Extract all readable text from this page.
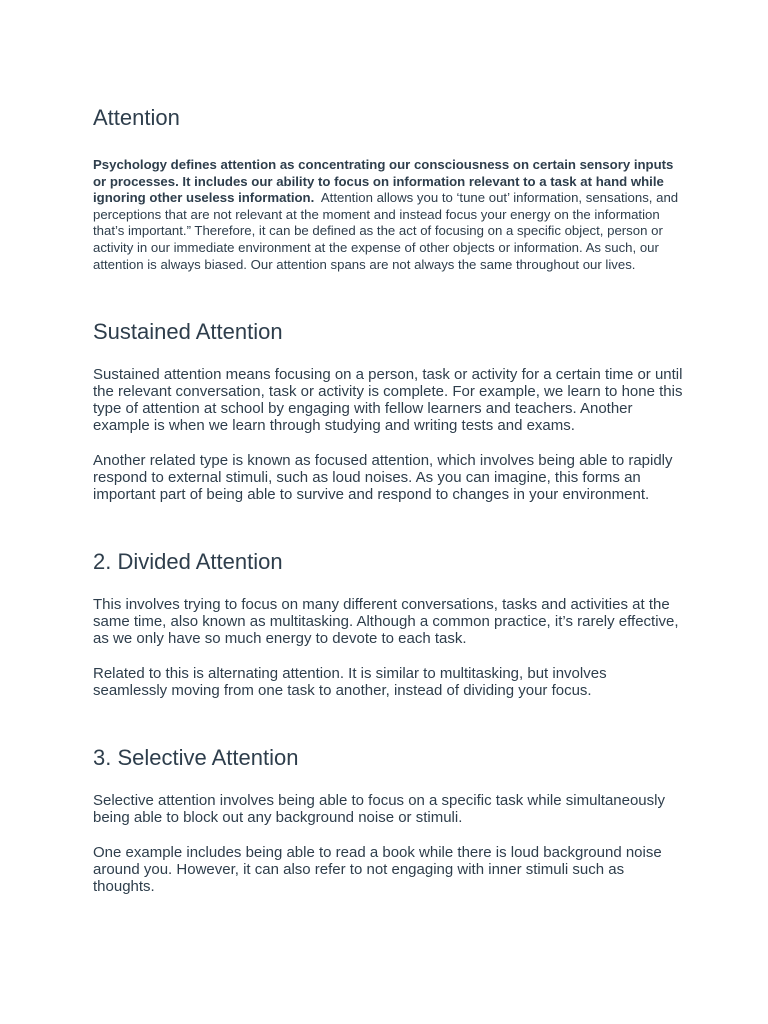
Attention

Psychology defines attention as concentrating our consciousness on certain sensory inputs or processes. It includes our ability to focus on information relevant to a task at hand while ignoring other useless information.  Attention allows you to ‘tune out’ information, sensations, and perceptions that are not relevant at the moment and instead focus your energy on the information that’s important.” Therefore, it can be defined as the act of focusing on a specific object, person or activity in our immediate environment at the expense of other objects or information. As such, our attention is always biased. Our attention spans are not always the same throughout our lives.

Sustained Attention

Sustained attention means focusing on a person, task or activity for a certain time or until the relevant conversation, task or activity is complete. For example, we learn to hone this type of attention at school by engaging with fellow learners and teachers. Another example is when we learn through studying and writing tests and exams.

Another related type is known as focused attention, which involves being able to rapidly respond to external stimuli, such as loud noises. As you can imagine, this forms an important part of being able to survive and respond to changes in your environment.

2. Divided Attention

This involves trying to focus on many different conversations, tasks and activities at the same time, also known as multitasking. Although a common practice, it’s rarely effective, as we only have so much energy to devote to each task.

Related to this is alternating attention. It is similar to multitasking, but involves seamlessly moving from one task to another, instead of dividing your focus.

3. Selective Attention

Selective attention involves being able to focus on a specific task while simultaneously being able to block out any background noise or stimuli.

One example includes being able to read a book while there is loud background noise around you. However, it can also refer to not engaging with inner stimuli such as thoughts.
